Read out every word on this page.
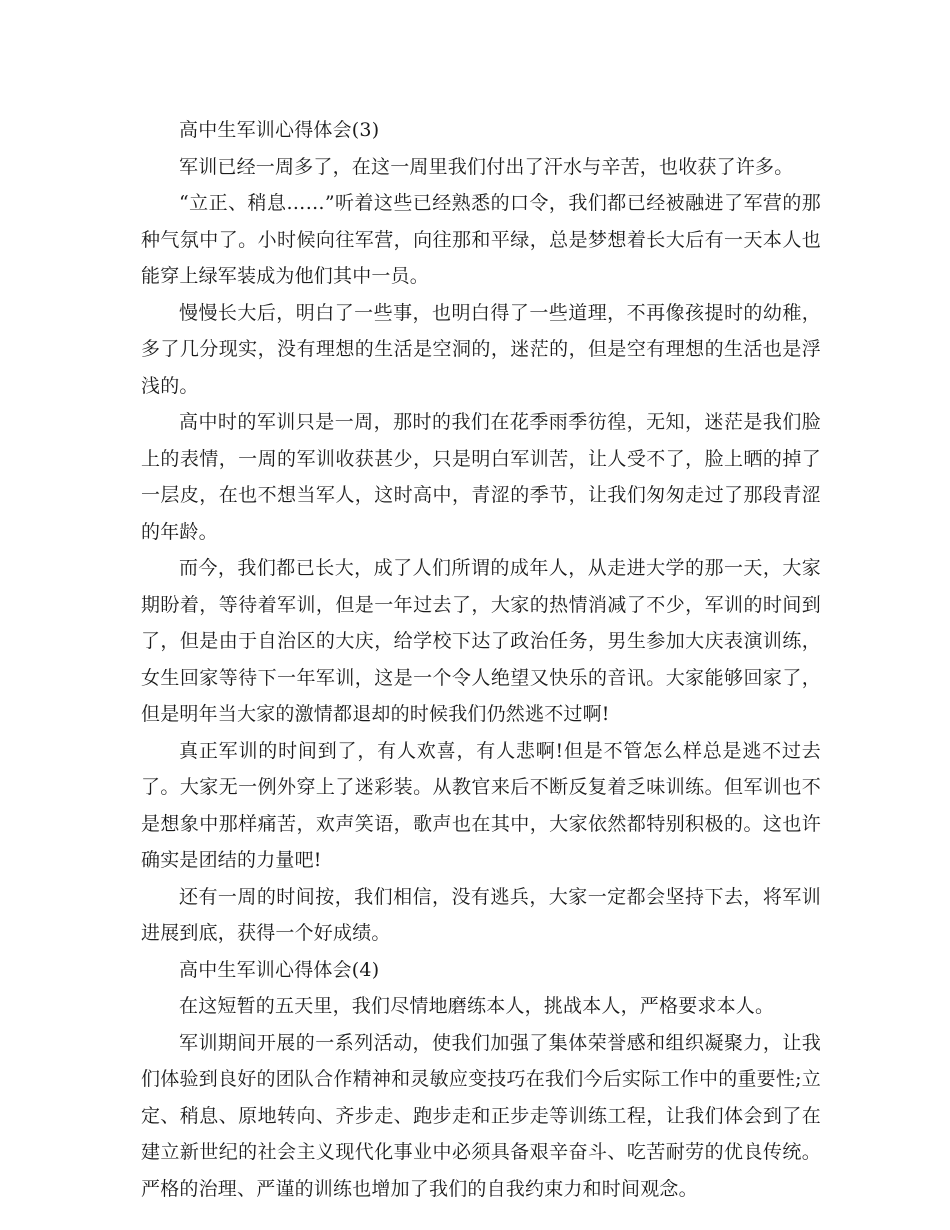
高中生军训心得体会(3)

军训已经一周多了，在这一周里我们付出了汗水与辛苦，也收获了许多。

“立正、稍息……”听着这些已经熟悉的口令，我们都已经被融进了军营的那种气氛中了。小时候向往军营，向往那和平绿，总是梦想着长大后有一天本人也能穿上绿军装成为他们其中一员。

慢慢长大后，明白了一些事，也明白得了一些道理，不再像孩提时的幼稚，多了几分现实，没有理想的生活是空洞的，迷茫的，但是空有理想的生活也是浮浅的。

高中时的军训只是一周，那时的我们在花季雨季彷徨，无知，迷茫是我们脸上的表情，一周的军训收获甚少，只是明白军训苦，让人受不了，脸上晒的掉了一层皮，在也不想当军人，这时高中，青涩的季节，让我们匆匆走过了那段青涩的年龄。

而今，我们都已长大，成了人们所谓的成年人，从走进大学的那一天，大家期盼着，等待着军训，但是一年过去了，大家的热情消减了不少，军训的时间到了，但是由于自治区的大庆，给学校下达了政治任务，男生参加大庆表演训练，女生回家等待下一年军训，这是一个令人绝望又快乐的音讯。大家能够回家了，但是明年当大家的激情都退却的时候我们仍然逃不过啊!

真正军训的时间到了，有人欢喜，有人悲啊!但是不管怎么样总是逃不过去了。大家无一例外穿上了迷彩装。从教官来后不断反复着乏味训练。但军训也不是想象中那样痛苦，欢声笑语，歌声也在其中，大家依然都特别积极的。这也许确实是团结的力量吧!

还有一周的时间按，我们相信，没有逃兵，大家一定都会坚持下去，将军训进展到底，获得一个好成绩。

高中生军训心得体会(4)

在这短暂的五天里，我们尽情地磨练本人，挑战本人，严格要求本人。

军训期间开展的一系列活动，使我们加强了集体荣誉感和组织凝聚力，让我们体验到良好的团队合作精神和灵敏应变技巧在我们今后实际工作中的重要性;立定、稍息、原地转向、齐步走、跑步走和正步走等训练工程，让我们体会到了在建立新世纪的社会主义现代化事业中必须具备艰辛奋斗、吃苦耐劳的优良传统。严格的治理、严谨的训练也增加了我们的自我约束力和时间观念。
